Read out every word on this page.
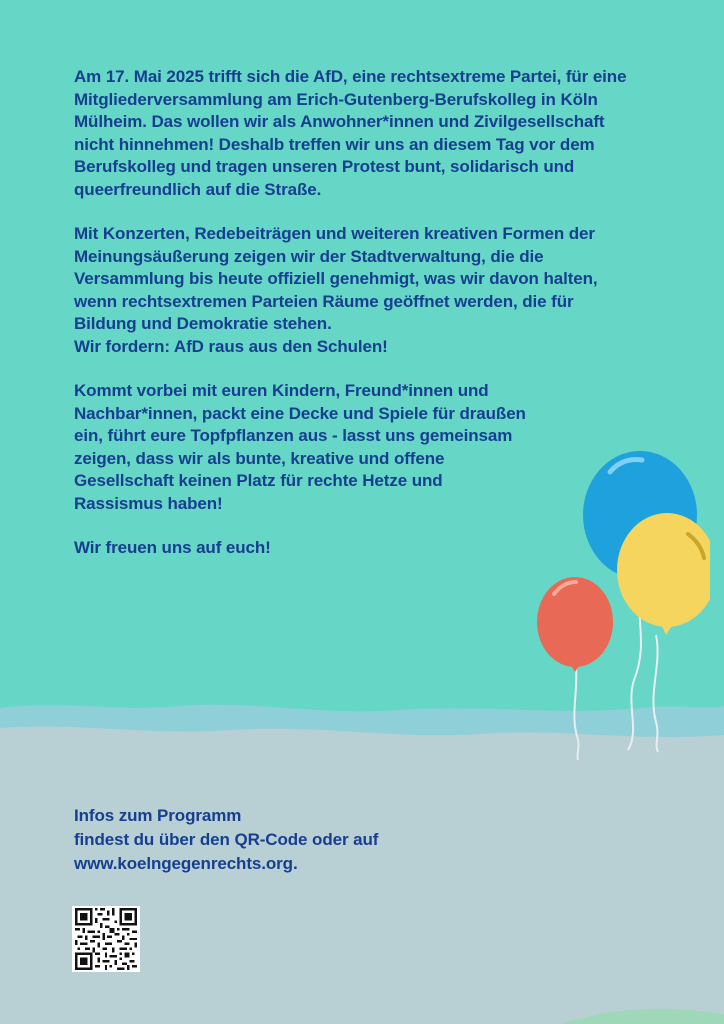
Am 17. Mai 2025 trifft sich die AfD, eine rechtsextreme Partei, für eine
Mitgliederversammlung am Erich-Gutenberg-Berufskolleg in Köln
Mülheim. Das wollen wir als Anwohner*innen und Zivilgesellschaft
nicht hinnehmen! Deshalb treffen wir uns an diesem Tag vor dem
Berufskolleg und tragen unseren Protest bunt, solidarisch und
queerfreundlich auf die Straße.
Mit Konzerten, Redebeiträgen und weiteren kreativen Formen der
Meinungsäußerung zeigen wir der Stadtverwaltung, die die
Versammlung bis heute offiziell genehmigt, was wir davon halten,
wenn rechtsextremen Parteien Räume geöffnet werden, die für
Bildung und Demokratie stehen.
Wir fordern: AfD raus aus den Schulen!
Kommt vorbei mit euren Kindern, Freund*innen und
Nachbar*innen, packt eine Decke und Spiele für draußen
ein, führt eure Topfpflanzen aus - lasst uns gemeinsam
zeigen, dass wir als bunte, kreative und offene
Gesellschaft keinen Platz für rechte Hetze und
Rassismus haben!
Wir freuen uns auf euch!
Infos zum Programm
findest du über den QR-Code oder auf
www.koelngegenrechts.org.
